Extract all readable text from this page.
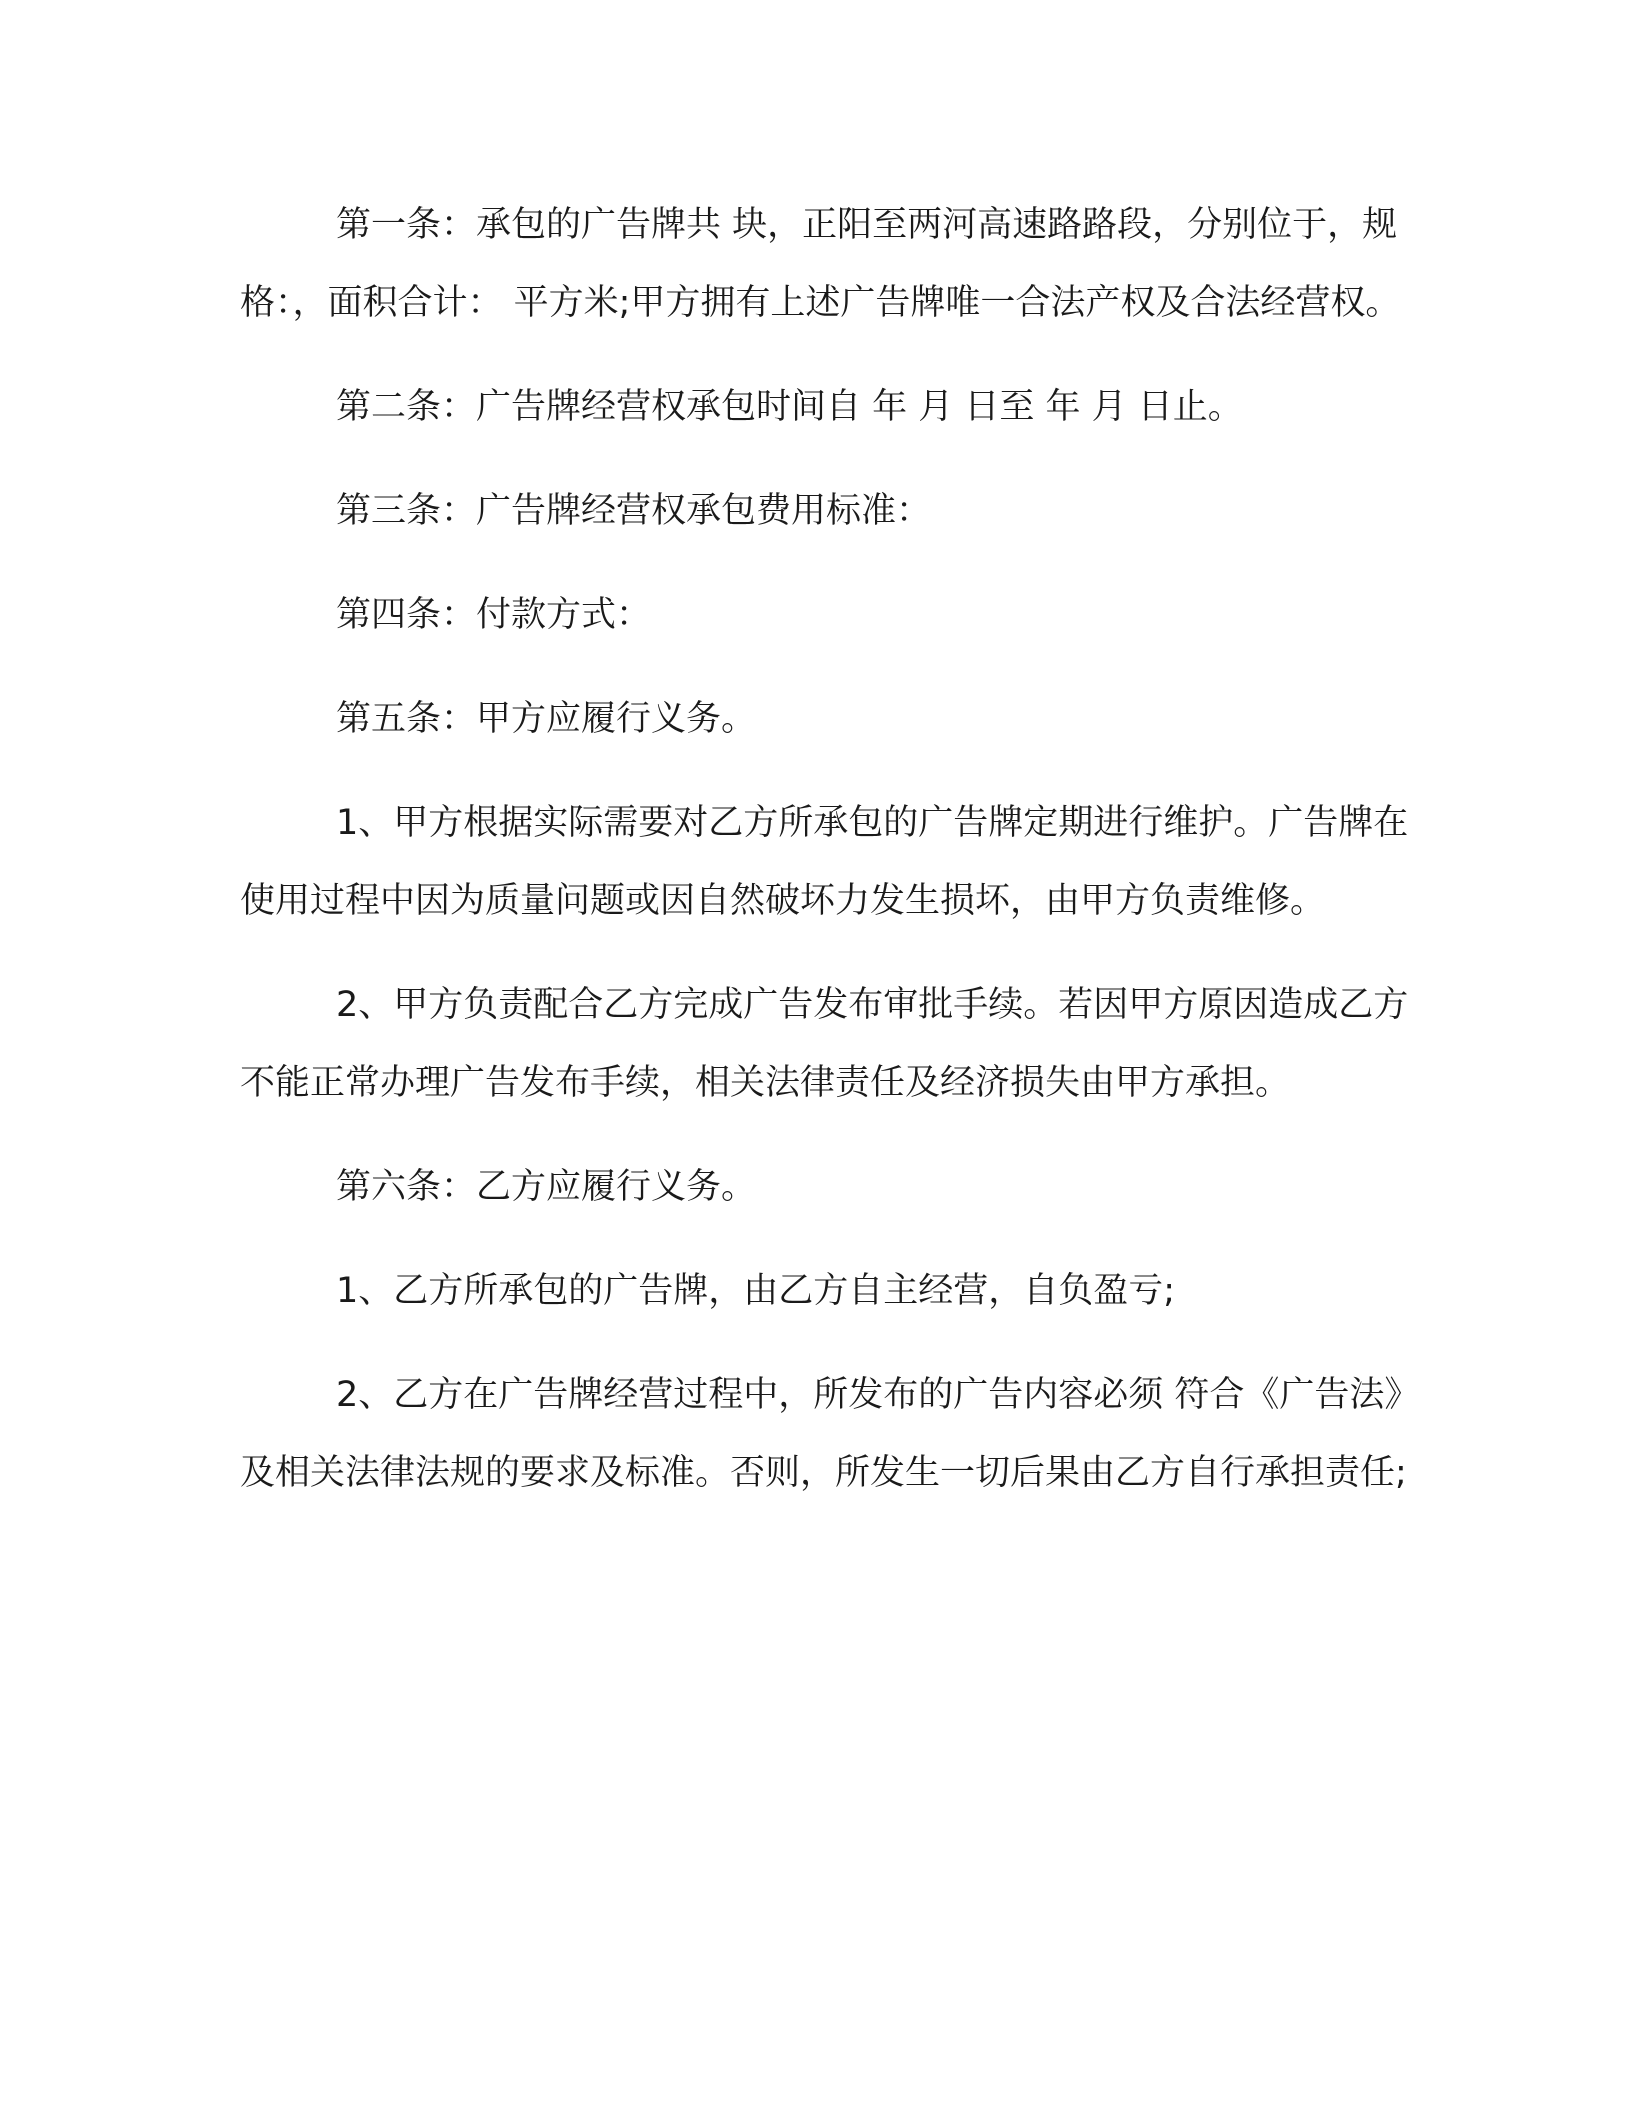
第一条：承包的广告牌共 块，正阳至两河高速路路段，分别位于，规格：，面积合计： 平方米;甲方拥有上述广告牌唯一合法产权及合法经营权。

第二条：广告牌经营权承包时间自 年 月 日至 年 月 日止。

第三条：广告牌经营权承包费用标准：

第四条：付款方式：

第五条：甲方应履行义务。

1、甲方根据实际需要对乙方所承包的广告牌定期进行维护。广告牌在使用过程中因为质量问题或因自然破坏力发生损坏，由甲方负责维修。

2、甲方负责配合乙方完成广告发布审批手续。若因甲方原因造成乙方不能正常办理广告发布手续，相关法律责任及经济损失由甲方承担。

第六条：乙方应履行义务。

1、乙方所承包的广告牌，由乙方自主经营，自负盈亏;

2、乙方在广告牌经营过程中，所发布的广告内容必须 符合《广告法》及相关法律法规的要求及标准。否则，所发生一切后果由乙方自行承担责任;
